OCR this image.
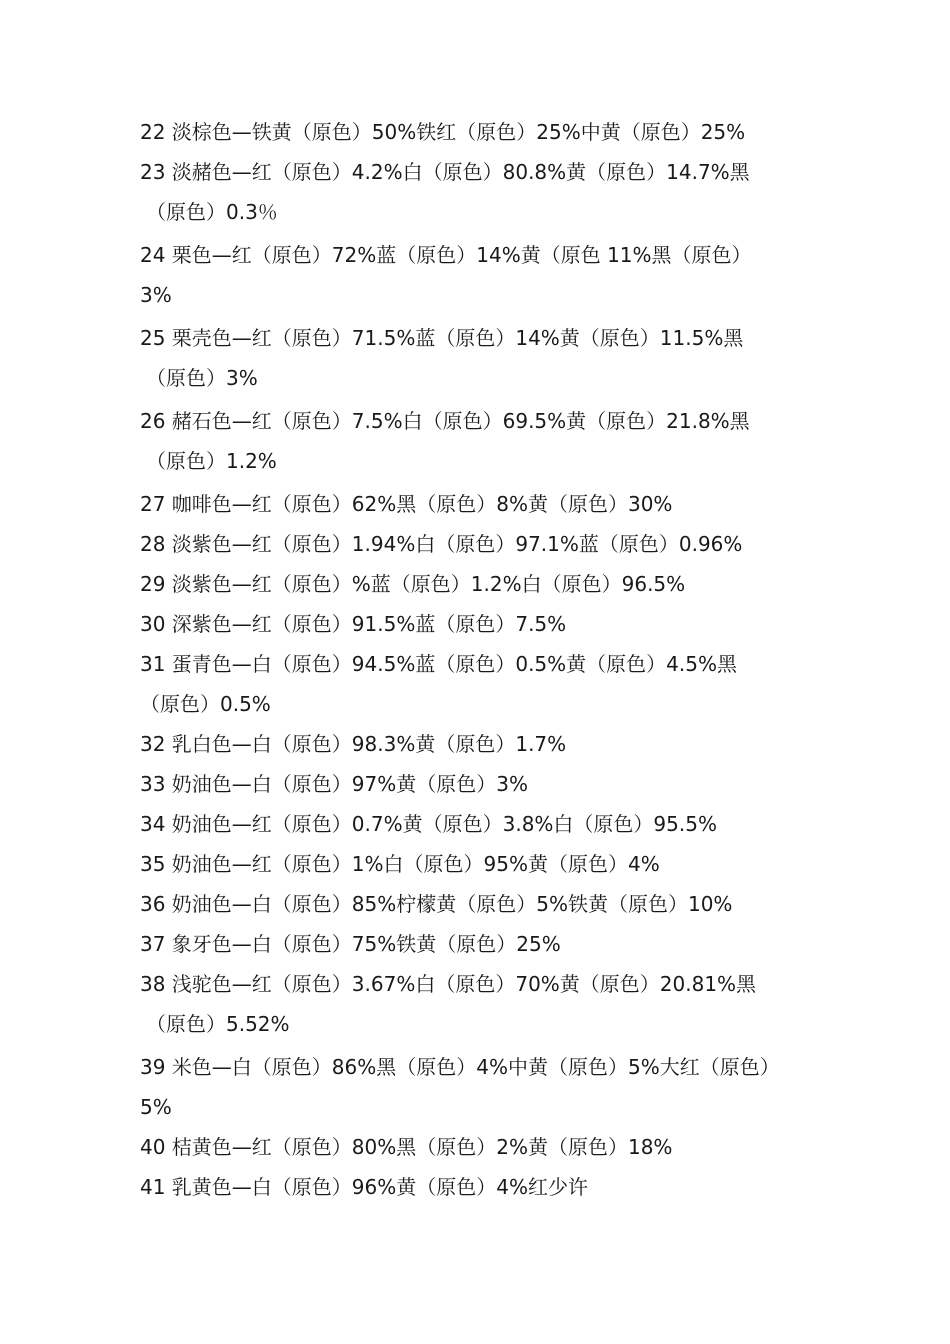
22 淡棕色—铁黄（原色）50%铁红（原色）25%中黄（原色）25%
23 淡赭色—红（原色）4.2%白（原色）80.8%黄（原色）14.7%黑
（原色）0.3％
24 栗色—红（原色）72%蓝（原色）14%黄（原色 11%黑（原色）
3%
25 栗壳色—红（原色）71.5%蓝（原色）14%黄（原色）11.5%黑
（原色）3%
26 赭石色—红（原色）7.5%白（原色）69.5%黄（原色）21.8%黑
（原色）1.2%
27 咖啡色—红（原色）62%黑（原色）8%黄（原色）30%
28 淡紫色—红（原色）1.94%白（原色）97.1%蓝（原色）0.96%
29 淡紫色—红（原色）%蓝（原色）1.2%白（原色）96.5%
30 深紫色—红（原色）91.5%蓝（原色）7.5%
31 蛋青色—白（原色）94.5%蓝（原色）0.5%黄（原色）4.5%黑
（原色）0.5%
32 乳白色—白（原色）98.3%黄（原色）1.7%
33 奶油色—白（原色）97%黄（原色）3%
34 奶油色—红（原色）0.7%黄（原色）3.8%白（原色）95.5%
35 奶油色—红（原色）1%白（原色）95%黄（原色）4%
36 奶油色—白（原色）85%柠檬黄（原色）5%铁黄（原色）10%
37 象牙色—白（原色）75%铁黄（原色）25%
38 浅驼色—红（原色）3.67%白（原色）70%黄（原色）20.81%黑
（原色）5.52%
39 米色—白（原色）86%黑（原色）4%中黄（原色）5%大红（原色）
5%
40 桔黄色—红（原色）80%黑（原色）2%黄（原色）18%
41 乳黄色—白（原色）96%黄（原色）4%红少许
